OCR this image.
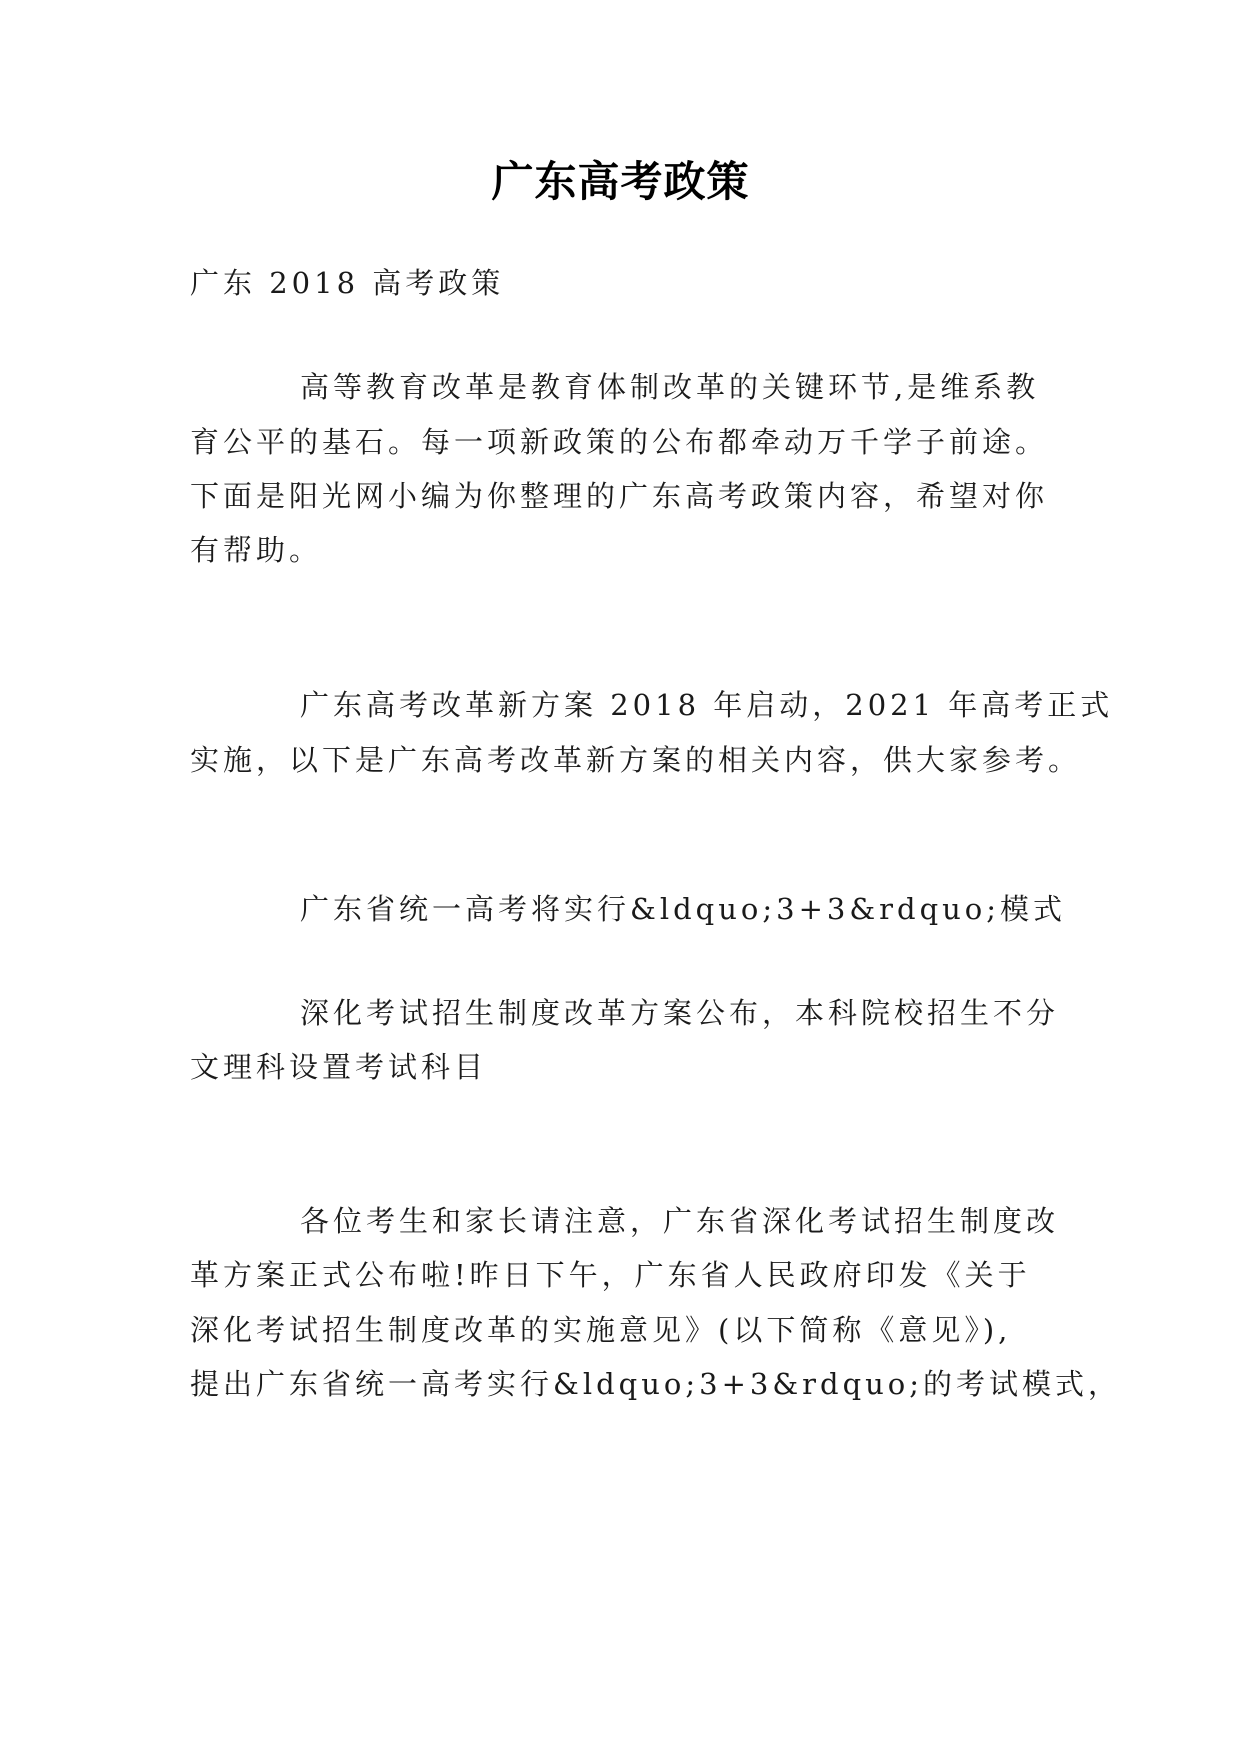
广东高考政策
广东 2018 高考政策
高等教育改革是教育体制改革的关键环节,是维系教
育公平的基石。每一项新政策的公布都牵动万千学子前途。
下面是阳光网小编为你整理的广东高考政策内容，希望对你
有帮助。
广东高考改革新方案 2018 年启动，2021 年高考正式
实施，以下是广东高考改革新方案的相关内容，供大家参考。
广东省统一高考将实行&ldquo;3+3&rdquo;模式
深化考试招生制度改革方案公布，本科院校招生不分
文理科设置考试科目
各位考生和家长请注意，广东省深化考试招生制度改
革方案正式公布啦!昨日下午，广东省人民政府印发《关于
深化考试招生制度改革的实施意见》(以下简称《意见》),
提出广东省统一高考实行&ldquo;3+3&rdquo;的考试模式，
